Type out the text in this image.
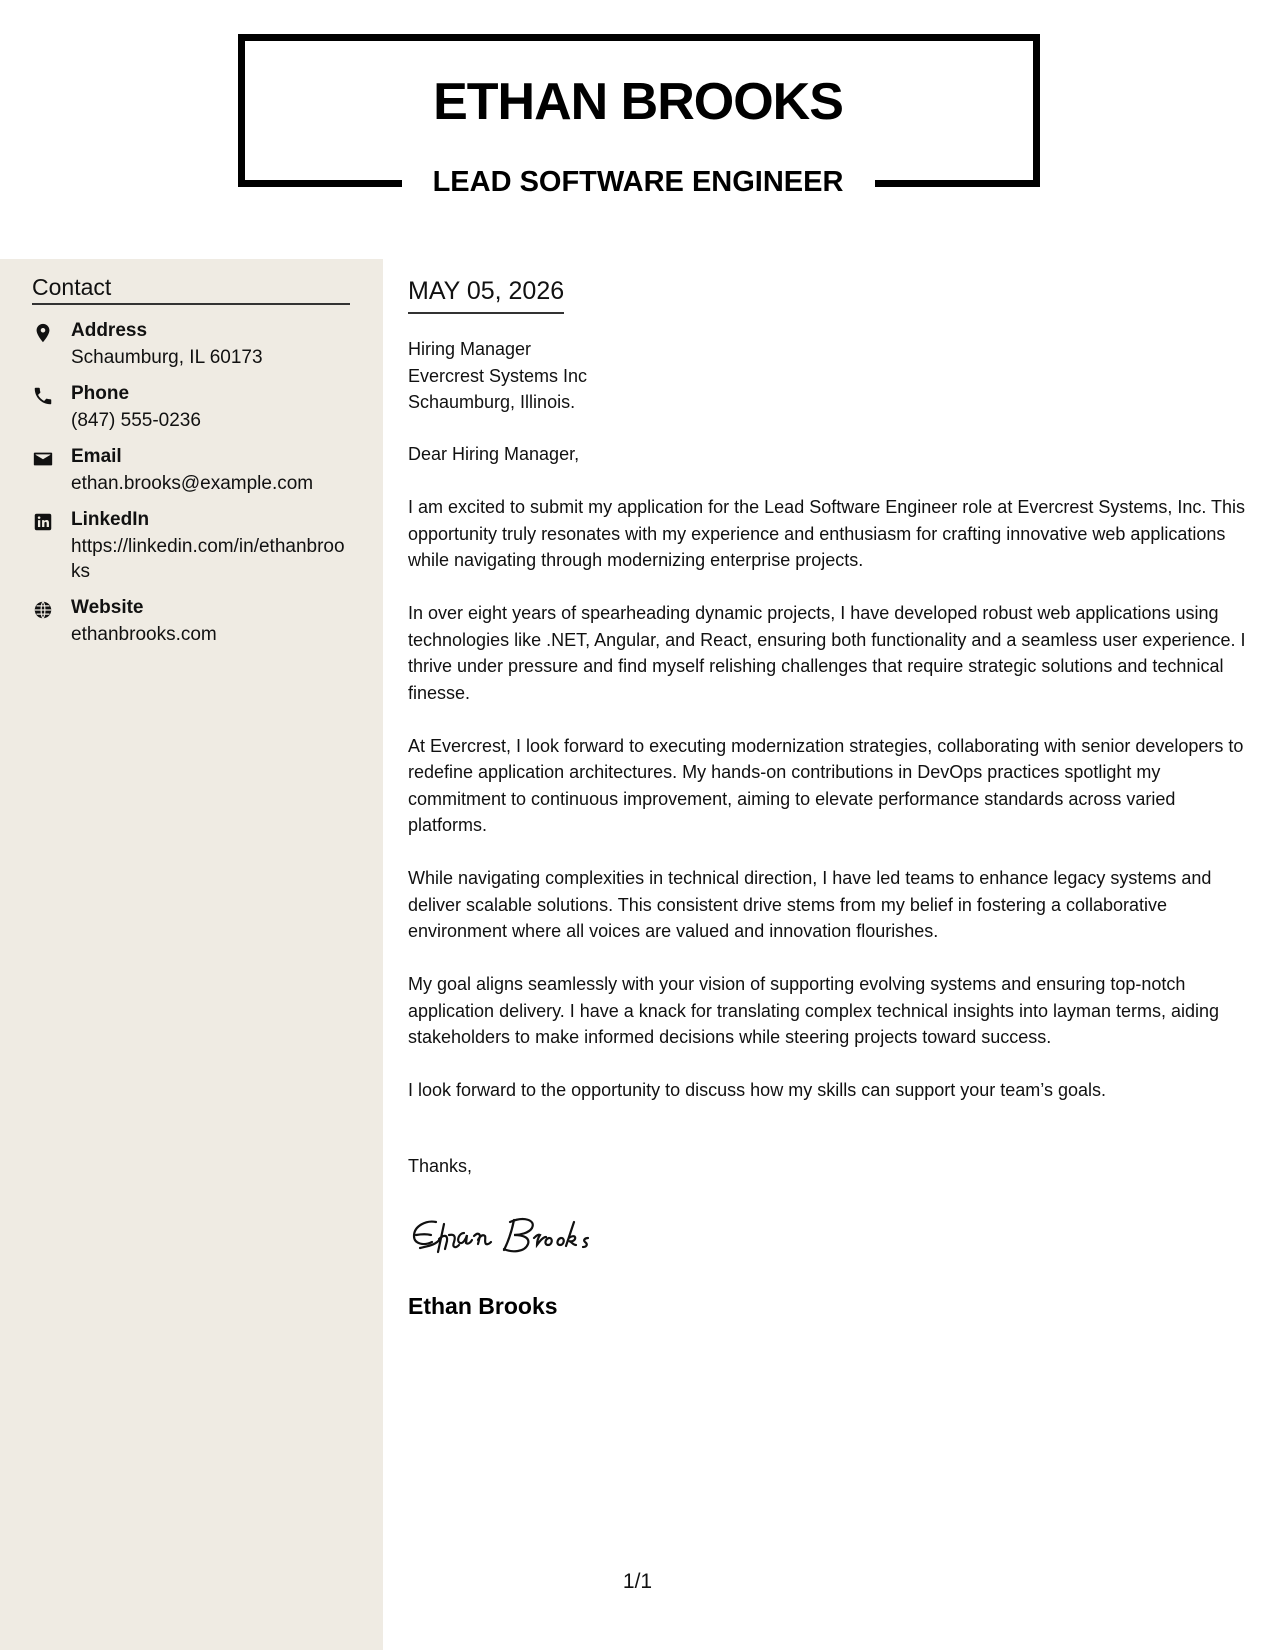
ETHAN BROOKS
LEAD SOFTWARE ENGINEER
Contact
Address
Schaumburg, IL 60173
Phone
(847) 555-0236
Email
ethan.brooks@example.com
LinkedIn
https://linkedin.com/in/ethanbrooks
Website
ethanbrooks.com
MAY 05, 2026
Hiring Manager
Evercrest Systems Inc
Schaumburg, Illinois.
Dear Hiring Manager,

I am excited to submit my application for the Lead Software Engineer role at Evercrest Systems, Inc. This opportunity truly resonates with my experience and enthusiasm for crafting innovative web applications while navigating through modernizing enterprise projects.

In over eight years of spearheading dynamic projects, I have developed robust web applications using technologies like .NET, Angular, and React, ensuring both functionality and a seamless user experience. I thrive under pressure and find myself relishing challenges that require strategic solutions and technical finesse.

At Evercrest, I look forward to executing modernization strategies, collaborating with senior developers to redefine application architectures. My hands-on contributions in DevOps practices spotlight my commitment to continuous improvement, aiming to elevate performance standards across varied platforms.

While navigating complexities in technical direction, I have led teams to enhance legacy systems and deliver scalable solutions. This consistent drive stems from my belief in fostering a collaborative environment where all voices are valued and innovation flourishes.

My goal aligns seamlessly with your vision of supporting evolving systems and ensuring top-notch application delivery. I have a knack for translating complex technical insights into layman terms, aiding stakeholders to make informed decisions while steering projects toward success.

I look forward to the opportunity to discuss how my skills can support your team’s goals.

Thanks,
Ethan Brooks
1/1
